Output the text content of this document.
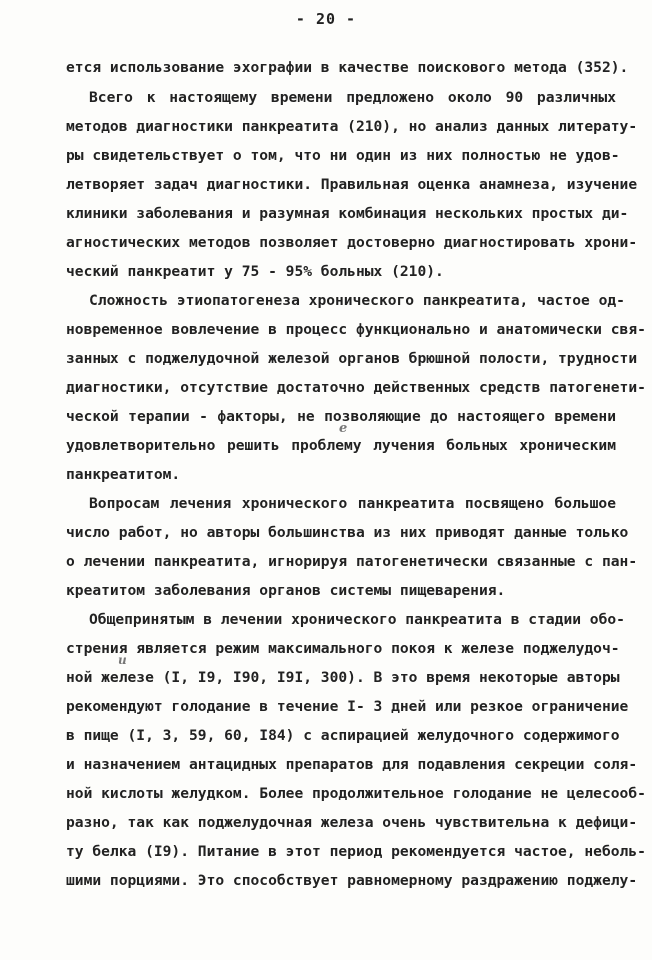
- 20 -
ется использование эхографии в качестве поискового метода (352).
Всего к настоящему времени предложено около 90 различных
методов диагностики панкреатита (210), но анализ данных литерату-
ры свидетельствует о том, что ни один из них полностью не удов-
летворяет задач диагностики. Правильная оценка анамнеза, изучение
клиники заболевания и разумная комбинация нескольких простых ди-
агностических методов позволяет достоверно диагностировать хрони-
ческий панкреатит у 75 - 95% больных (210).
Сложность этиопатогенеза хронического панкреатита, частое од-
новременное вовлечение в процесс функционально и анатомически свя-
занных с поджелудочной железой органов брюшной полости, трудности
диагностики, отсутствие достаточно действенных средств патогенети-
ческой терапии - факторы, не позволяющие до настоящего времени
удовлетворительно решить проблему лучения больных хроническим
панкреатитом.
Вопросам лечения хронического панкреатита посвящено большое
число работ, но авторы большинства из них приводят данные только
о лечении панкреатита, игнорируя патогенетически связанные с пан-
креатитом заболевания органов системы пищеварения.
Общепринятым в лечении хронического панкреатита в стадии обо-
стрения является режим максимального покоя к железе поджелудоч-
ной железе (I, I9, I90, I9I, 300). В это время некоторые авторы
рекомендуют голодание в течение I- 3 дней или резкое ограничение
в пище (I, 3, 59, 60, I84) с аспирацией желудочного содержимого
и назначением антацидных препаратов для подавления секреции соля-
ной кислоты желудком. Более продолжительное голодание не целесооб-
разно, так как поджелудочная железа очень чувствительна к дефици-
ту белка (I9). Питание в этот период рекомендуется частое, неболь-
шими порциями. Это способствует равномерному раздражению поджелу-
е
и
